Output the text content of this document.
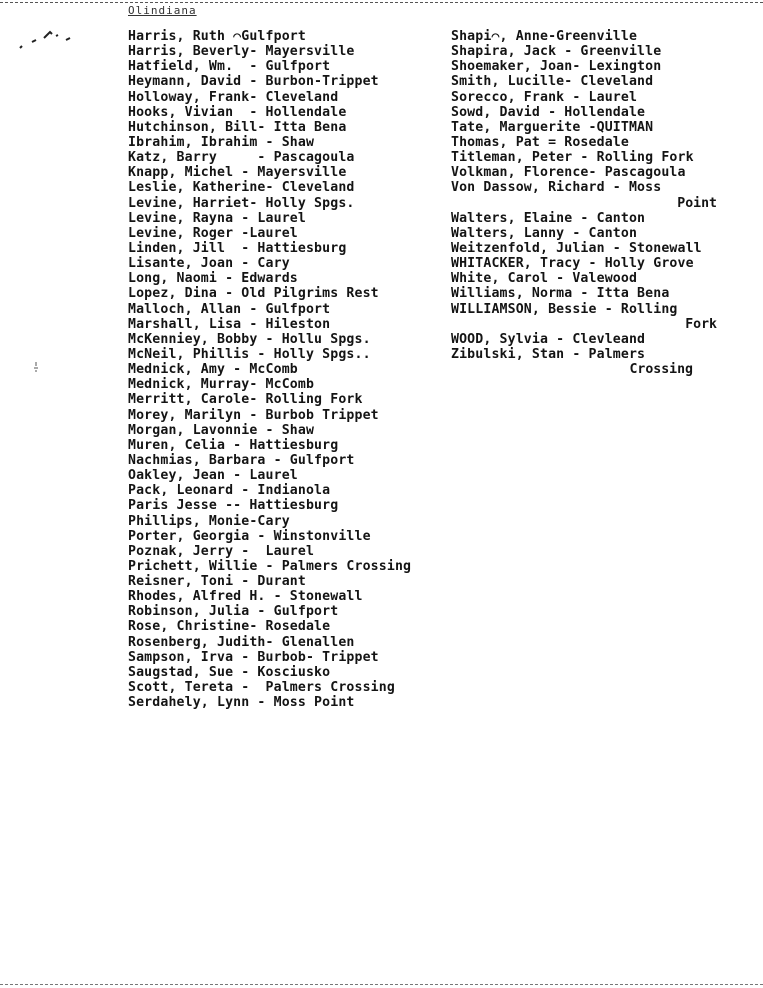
Olindiana
Harris, Ruth ⌒Gulfport
Harris, Beverly- Mayersville
Hatfield, Wm.  - Gulfport
Heymann, David - Burbon-Trippet
Holloway, Frank- Cleveland
Hooks, Vivian  - Hollendale
Hutchinson, Bill- Itta Bena
Ibrahim, Ibrahim - Shaw
Katz, Barry     - Pascagoula
Knapp, Michel - Mayersville
Leslie, Katherine- Cleveland
Levine, Harriet- Holly Spgs.
Levine, Rayna - Laurel
Levine, Roger -Laurel
Linden, Jill  - Hattiesburg
Lisante, Joan - Cary
Long, Naomi - Edwards
Lopez, Dina - Old Pilgrims Rest
Malloch, Allan - Gulfport
Marshall, Lisa - Hileston
McKenniey, Bobby - Hollu Spgs.
McNeil, Phillis - Holly Spgs..
Mednick, Amy - McComb
Mednick, Murray- McComb
Merritt, Carole- Rolling Fork
Morey, Marilyn - Burbob Trippet
Morgan, Lavonnie - Shaw
Muren, Celia - Hattiesburg
Nachmias, Barbara - Gulfport
Oakley, Jean - Laurel
Pack, Leonard - Indianola
Paris Jesse -- Hattiesburg
Phillips, Monie-Cary
Porter, Georgia - Winstonville
Poznak, Jerry -  Laurel
Prichett, Willie - Palmers Crossing
Reisner, Toni - Durant
Rhodes, Alfred H. - Stonewall
Robinson, Julia - Gulfport
Rose, Christine- Rosedale
Rosenberg, Judith- Glenallen
Sampson, Irva - Burbob- Trippet
Saugstad, Sue - Kosciusko
Scott, Tereta -  Palmers Crossing
Serdahely, Lynn - Moss Point
Shapi⌒, Anne-Greenville
Shapira, Jack - Greenville
Shoemaker, Joan- Lexington
Smith, Lucille- Cleveland
Sorecco, Frank - Laurel
Sowd, David - Hollendale
Tate, Marguerite -QUITMAN
Thomas, Pat = Rosedale
Titleman, Peter - Rolling Fork
Volkman, Florence- Pascagoula
Von Dassow, Richard - Moss
Point
Walters, Elaine - Canton
Walters, Lanny - Canton
Weitzenfold, Julian - Stonewall
WHITACKER, Tracy - Holly Grove
White, Carol - Valewood
Williams, Norma - Itta Bena
WILLIAMSON, Bessie - Rolling
Fork
WOOD, Sylvia - Clevleand
Zibulski, Stan - Palmers
Crossing
